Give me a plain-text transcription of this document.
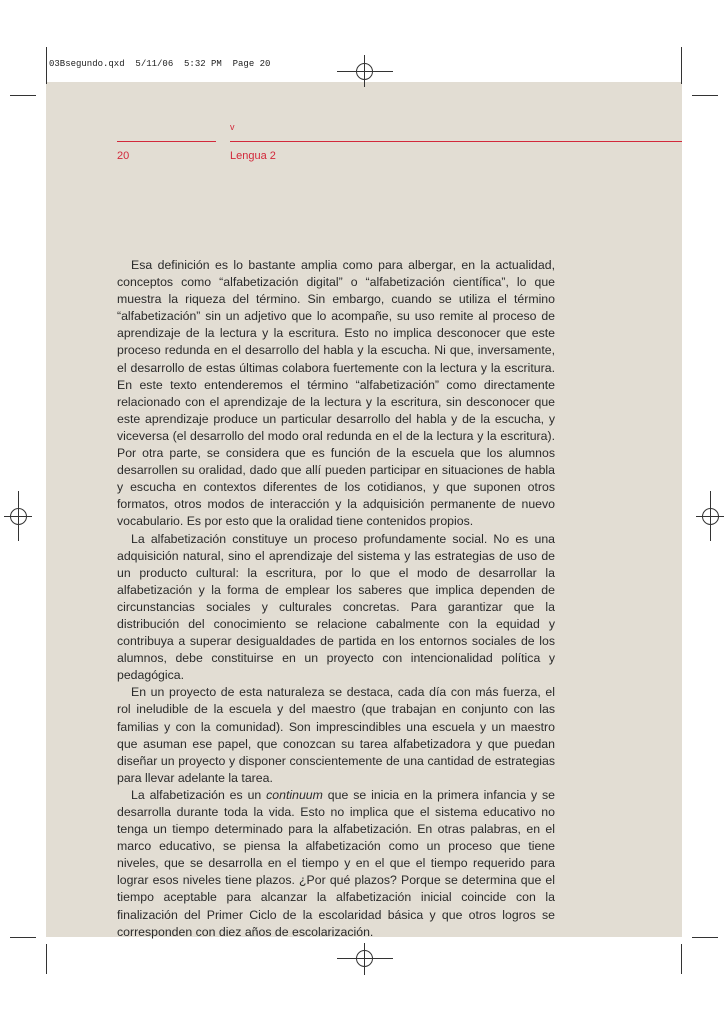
03Bsegundo.qxd  5/11/06  5:32 PM  Page 20
v
20	Lengua 2

Esa definición es lo bastante amplia como para albergar, en la actualidad, conceptos como “alfabetización digital” o “alfabetización científica”, lo que muestra la riqueza del término. Sin embargo, cuando se utiliza el término “alfabetización” sin un adjetivo que lo acompañe, su uso remite al proceso de aprendizaje de la lectura y la escritura. Esto no implica desconocer que este proceso redunda en el desarrollo del habla y la escucha. Ni que, inversamente, el desarrollo de estas últimas colabora fuertemente con la lectura y la escritura. En este texto entenderemos el término “alfabetización” como directamente relacionado con el aprendizaje de la lectura y la escritura, sin desconocer que este aprendizaje produce un particular desarrollo del habla y de la escucha, y viceversa (el desarrollo del modo oral redunda en el de la lectura y la escritura). Por otra parte, se considera que es función de la escuela que los alumnos desarrollen su oralidad, dado que allí pueden participar en situaciones de habla y escucha en contextos diferentes de los cotidianos, y que suponen otros formatos, otros modos de interacción y la adquisición permanente de nuevo vocabulario. Es por esto que la oralidad tiene contenidos propios.

La alfabetización constituye un proceso profundamente social. No es una adquisición natural, sino el aprendizaje del sistema y las estrategias de uso de un producto cultural: la escritura, por lo que el modo de desarrollar la alfabetización y la forma de emplear los saberes que implica dependen de circunstancias sociales y culturales concretas. Para garantizar que la distribución del conocimiento se relacione cabalmente con la equidad y contribuya a superar desigualdades de partida en los entornos sociales de los alumnos, debe constituirse en un proyecto con intencionalidad política y pedagógica.

En un proyecto de esta naturaleza se destaca, cada día con más fuerza, el rol ineludible de la escuela y del maestro (que trabajan en conjunto con las familias y con la comunidad). Son imprescindibles una escuela y un maestro que asuman ese papel, que conozcan su tarea alfabetizadora y que puedan diseñar un proyecto y disponer conscientemente de una cantidad de estrategias para llevar adelante la tarea.

La alfabetización es un continuum que se inicia en la primera infancia y se desarrolla durante toda la vida. Esto no implica que el sistema educativo no tenga un tiempo determinado para la alfabetización. En otras palabras, en el marco educativo, se piensa la alfabetización como un proceso que tiene niveles, que se desarrolla en el tiempo y en el que el tiempo requerido para lograr esos niveles tiene plazos. ¿Por qué plazos? Porque se determina que el tiempo aceptable para alcanzar la alfabetización inicial coincide con la finalización del Primer Ciclo de la escolaridad básica y que otros logros se corresponden con diez años de escolarización.
